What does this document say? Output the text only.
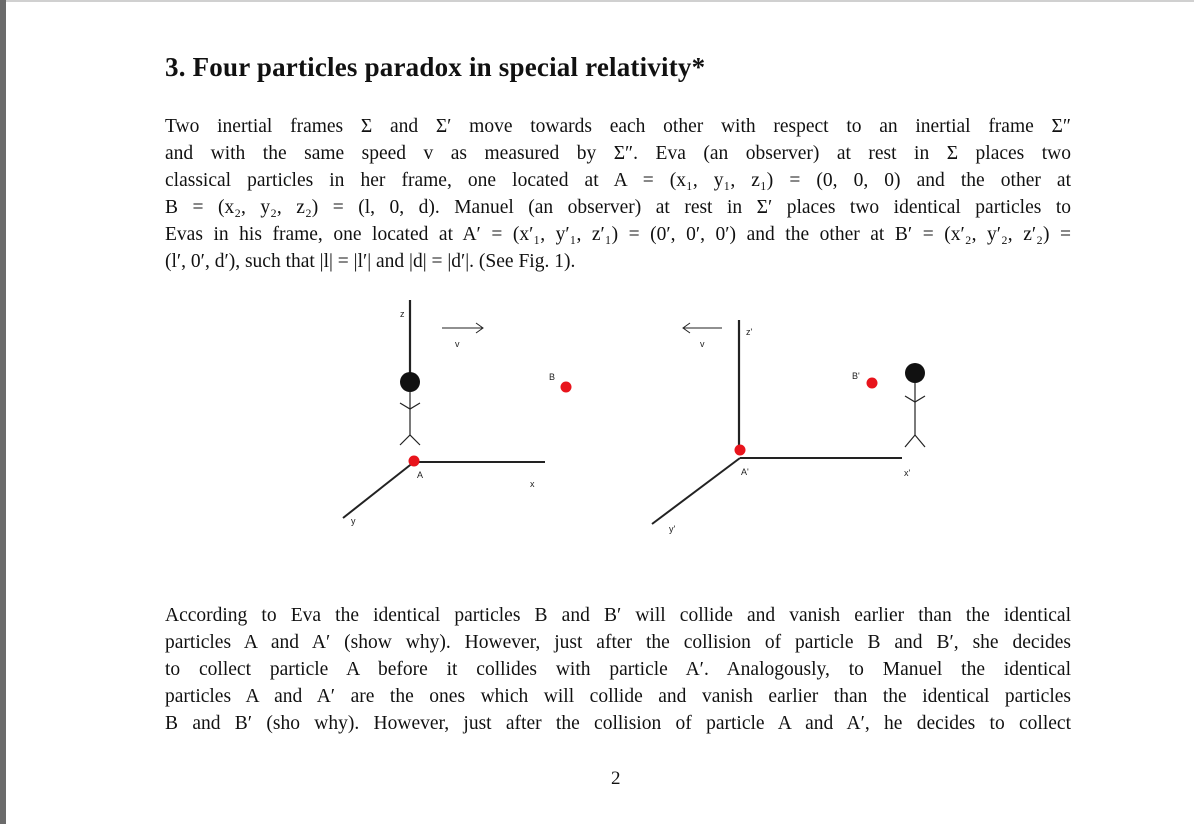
3. Four particles paradox in special relativity*
Two inertial frames Σ and Σ′ move towards each other with respect to an inertial frame Σ″
and with the same speed v as measured by Σ″. Eva (an observer) at rest in Σ places two
classical particles in her frame, one located at A = (x₁, y₁, z₁) = (0, 0, 0) and the other at
B = (x₂, y₂, z₂) = (l, 0, d). Manuel (an observer) at rest in Σ′ places two identical particles to
Evas in his frame, one located at A′ = (x′₁, y′₁, z′₁) = (0′, 0′, 0′) and the other at B′ = (x′₂, y′₂, z′₂) =
(l′, 0′, d′), such that |l| = |l′| and |d| = |d′|. (See Fig. 1).
z
v
x
y
A
B
z'
v
x'
y'
A'
B'
According to Eva the identical particles B and B′ will collide and vanish earlier than the identical
particles A and A′ (show why). However, just after the collision of particle B and B′, she decides
to collect particle A before it collides with particle A′. Analogously, to Manuel the identical
particles A and A′ are the ones which will collide and vanish earlier than the identical particles
B and B′ (sho why). However, just after the collision of particle A and A′, he decides to collect
2
